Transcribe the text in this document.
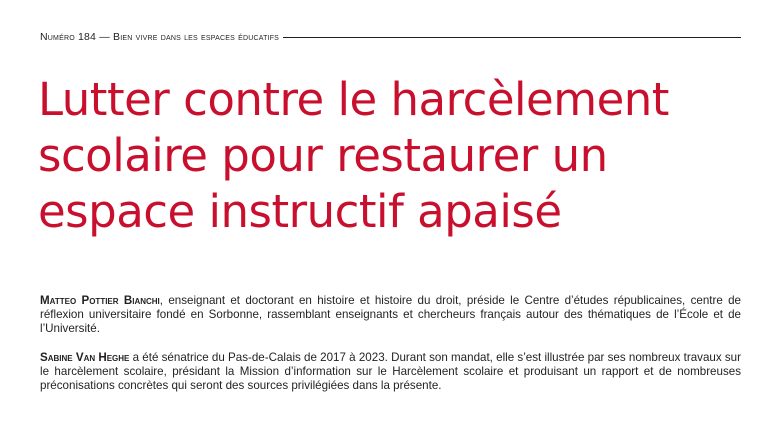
Numéro 184 — Bien vivre dans les espaces éducatifs
Lutter contre le harcèlement scolaire pour restaurer un espace instructif apaisé

Matteo Pottier Bianchi, enseignant et doctorant en histoire et histoire du droit, préside le Centre d’études républicaines, centre de réflexion universitaire fondé en Sorbonne, rassemblant enseignants et chercheurs français autour des thématiques de l’École et de l’Université.

Sabine Van Heghe a été sénatrice du Pas-de-Calais de 2017 à 2023. Durant son mandat, elle s’est illustrée par ses nombreux travaux sur le harcèlement scolaire, présidant la Mission d’information sur le Harcèlement scolaire et produisant un rapport et de nombreuses préconisations concrètes qui seront des sources privilégiées dans la présente.
